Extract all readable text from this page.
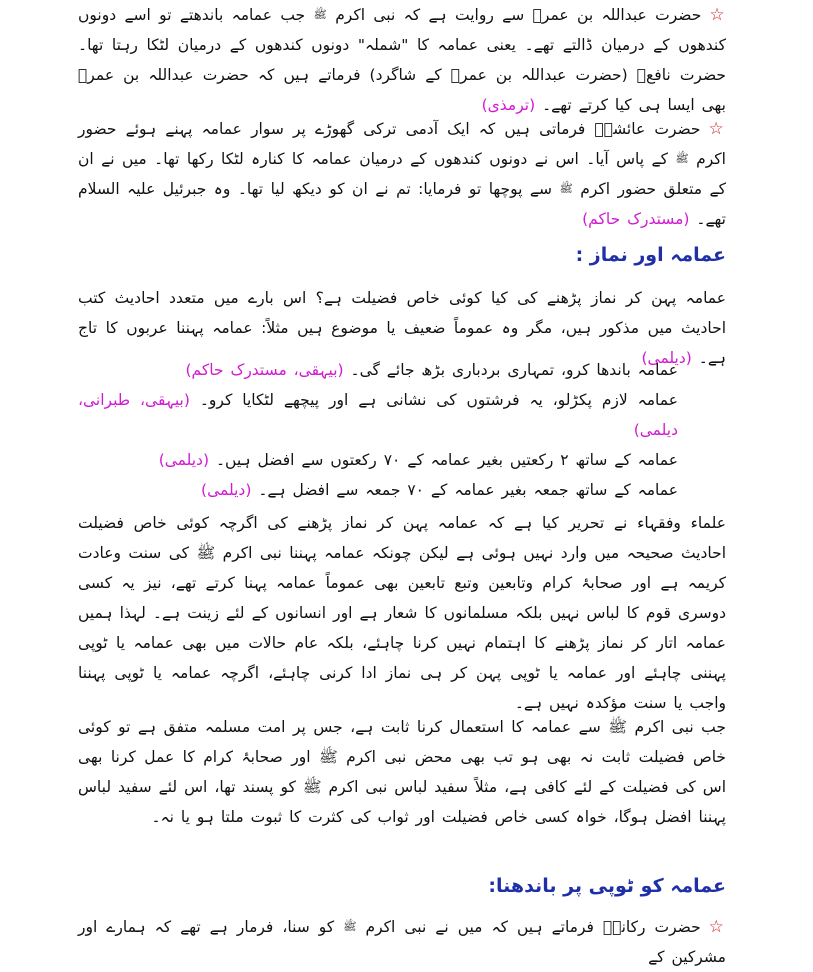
☆حضرت عبداللہ بن عمرؓ سے روایت ہے کہ نبی اکرم ﷺ جب عمامہ باندھتے تو اسے دونوں کندھوں کے درمیان ڈالتے تھے۔ یعنی عمامہ کا "شملہ" دونوں کندھوں کے درمیان لٹکا رہتا تھا۔ حضرت نافعؒ (حضرت عبداللہ بن عمرؓ کے شاگرد) فرماتے ہیں کہ حضرت عبداللہ بن عمرؓ بھی ایسا ہی کیا کرتے تھے۔ (ترمذی)
☆حضرت عائشہؓ فرماتی ہیں کہ ایک آدمی ترکی گھوڑے پر سوار عمامہ پہنے ہوئے حضور اکرم ﷺ کے پاس آیا۔ اس نے دونوں کندھوں کے درمیان عمامہ کا کنارہ لٹکا رکھا تھا۔ میں نے ان کے متعلق حضور اکرم ﷺ سے پوچھا تو فرمایا: تم نے ان کو دیکھ لیا تھا۔ وہ جبرئیل علیہ السلام تھے۔ (مستدرک حاکم)
عمامہ اور نماز :
عمامہ پہن کر نماز پڑھنے کی کیا کوئی خاص فضیلت ہے؟ اس بارے میں متعدد احادیث کتب احادیث میں مذکور ہیں، مگر وہ عموماً ضعیف یا موضوع ہیں مثلاً: عمامہ پہننا عربوں کا تاج ہے۔ (دیلمی)
عمامہ باندھا کرو، تمہاری بردباری بڑھ جائے گی۔ (بیہقی، مستدرک حاکم)
عمامہ لازم پکڑلو، یہ فرشتوں کی نشانی ہے اور پیچھے لٹکایا کرو۔ (بیہقی، طبرانی، دیلمی)
عمامہ کے ساتھ ۲ رکعتیں بغیر عمامہ کے ۷۰ رکعتوں سے افضل ہیں۔ (دیلمی)
عمامہ کے ساتھ جمعہ بغیر عمامہ کے ۷۰ جمعہ سے افضل ہے۔ (دیلمی)
علماء وفقہاء نے تحریر کیا ہے کہ عمامہ پہن کر نماز پڑھنے کی اگرچہ کوئی خاص فضیلت احادیث صحیحہ میں وارد نہیں ہوئی ہے لیکن چونکہ عمامہ پہننا نبی اکرم ﷺ کی سنت وعادت کریمہ ہے اور صحابۂ کرام وتابعین وتبع تابعین بھی عموماً عمامہ پہنا کرتے تھے، نیز یہ کسی دوسری قوم کا لباس نہیں بلکہ مسلمانوں کا شعار ہے اور انسانوں کے لئے زینت ہے۔ لہذا ہمیں عمامہ اتار کر نماز پڑھنے کا اہتمام نہیں کرنا چاہئے، بلکہ عام حالات میں بھی عمامہ یا ٹوپی پہننی چاہئے اور عمامہ یا ٹوپی پہن کر ہی نماز ادا کرنی چاہئے، اگرچہ عمامہ یا ٹوپی پہننا واجب یا سنت مؤکدہ نہیں ہے۔
جب نبی اکرم ﷺ سے عمامہ کا استعمال کرنا ثابت ہے، جس پر امت مسلمہ متفق ہے تو کوئی خاص فضیلت ثابت نہ بھی ہو تب بھی محض نبی اکرم ﷺ اور صحابۂ کرام کا عمل کرنا بھی اس کی فضیلت کے لئے کافی ہے، مثلاً سفید لباس نبی اکرم ﷺ کو پسند تھا، اس لئے سفید لباس پہننا افضل ہوگا، خواہ کسی خاص فضیلت اور ثواب کی کثرت کا ثبوت ملتا ہو یا نہ۔
عمامہ کو ٹوپی پر باندھنا:
☆حضرت رکانہؓ فرماتے ہیں کہ میں نے نبی اکرم ﷺ کو سنا، فرمار ہے تھے کہ ہمارے اور مشرکین کے
